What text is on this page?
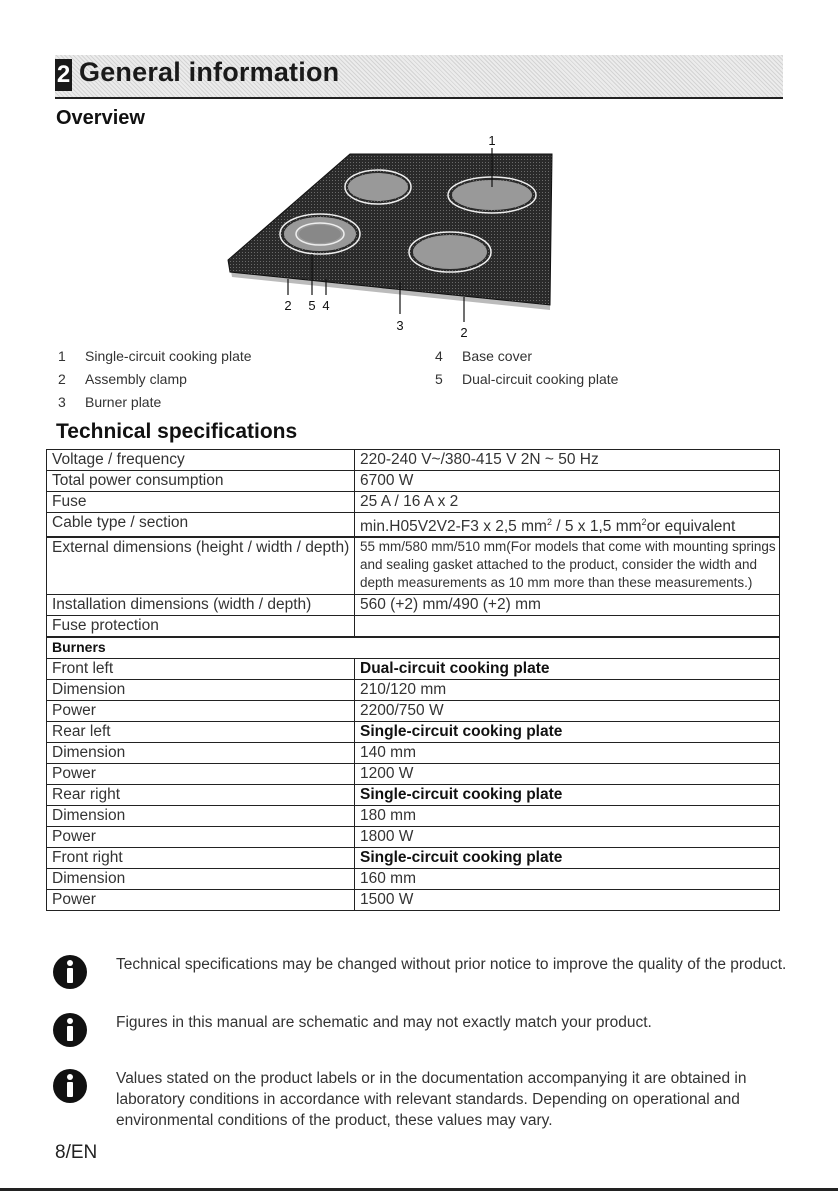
2 General information
Overview
1
2 5 4
3	2
1 Single-circuit cooking plate
2 Assembly clamp
3 Burner plate
4 Base cover
5 Dual-circuit cooking plate
Technical specifications
Voltage / frequency	220-240 V~/380-415 V 2N ~ 50 Hz
Total power consumption	6700 W
Fuse	25 A / 16 A x 2
Cable type / section	min.H05V2V2-F3 x 2,5 $mm^2 / 5$ x 1,5 $mm^2or$ equivalent
External dimensions (height / width / depth)	55 mm/580 mm/510 mm(For models that come with mounting springs and sealing gasket attached to the product, consider the width and depth measurements as 10 mm more than these measurements.)
Installation dimensions (width / depth)	560 (+2) mm/490 (+2) mm
Fuse protection	
Burners	
Front left	Dual-circuit cooking plate
Dimension	210/120 mm
Power	2200/750 W
Rear left	Single-circuit cooking plate
Dimension	140 mm
Power	1200 W
Rear right	Single-circuit cooking plate
Dimension	180 mm
Power	1800 W
Front right	Single-circuit cooking plate
Dimension	160 mm
Power	1500 W
Technical specifications may be changed without prior notice to improve the quality of the product.
Figures in this manual are schematic and may not exactly match your product.
Values stated on the product labels or in the documentation accompanying it are obtained in laboratory conditions in accordance with relevant standards. Depending on operational and environmental conditions of the product, these values may vary.
8/EN
